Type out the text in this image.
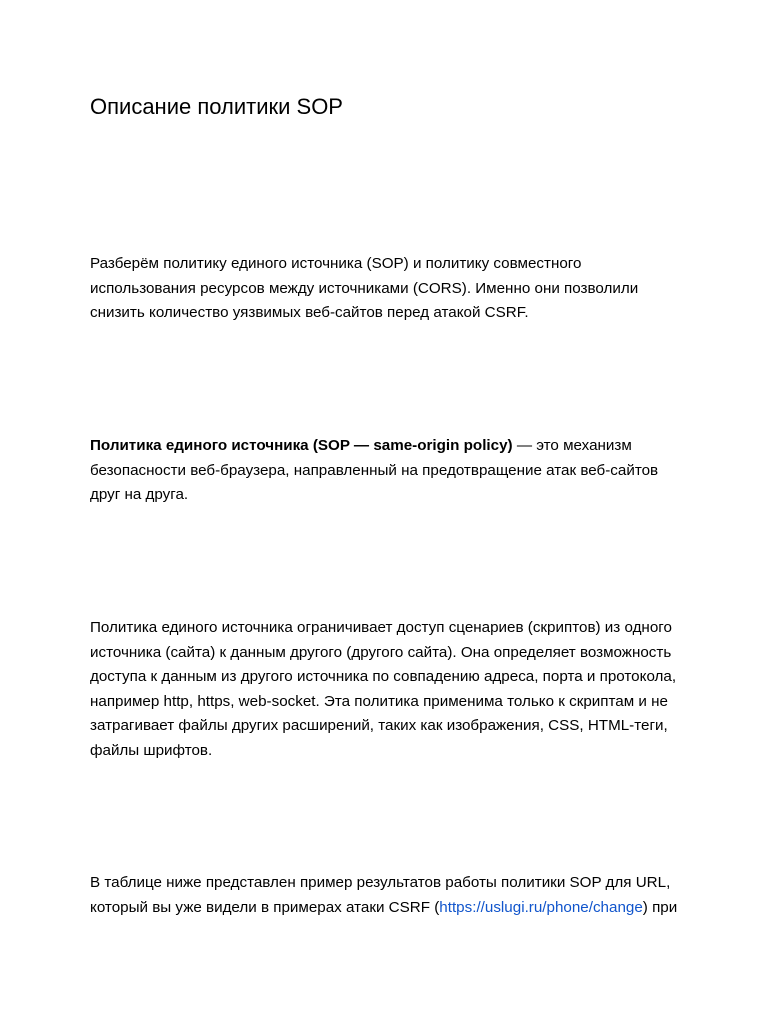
Описание политики SOP

Разберём политику единого источника (SOP) и политику совместного использования ресурсов между источниками (CORS). Именно они позволили снизить количество уязвимых веб-сайтов перед атакой CSRF.

Политика единого источника (SOP — same-origin policy) — это механизм безопасности веб-браузера, направленный на предотвращение атак веб-сайтов друг на друга.

Политика единого источника ограничивает доступ сценариев (скриптов) из одного источника (сайта) к данным другого (другого сайта). Она определяет возможность доступа к данным из другого источника по совпадению адреса, порта и протокола, например http, https, web-socket. Эта политика применима только к скриптам и не затрагивает файлы других расширений, таких как изображения, CSS, HTML-теги, файлы шрифтов.

В таблице ниже представлен пример результатов работы политики SOP для URL, который вы уже видели в примерах атаки CSRF (https://uslugi.ru/phone/change) при
